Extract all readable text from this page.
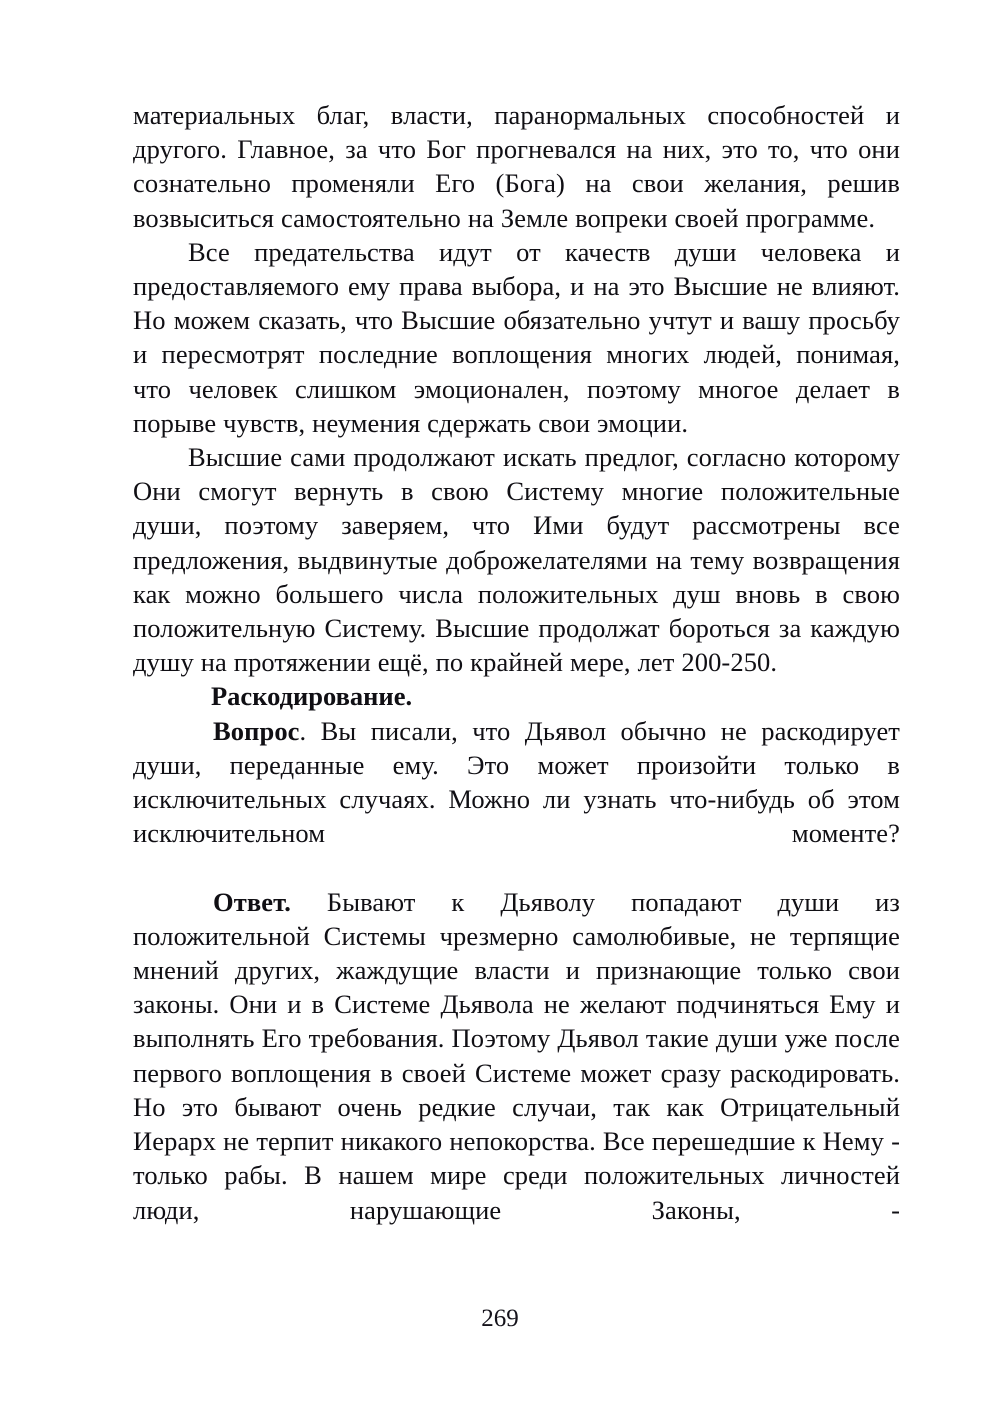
материальных благ, власти, паранормальных способностей и другого. Главное, за что Бог прогневался на них, это то, что они сознательно променяли Его (Бога) на свои желания, решив возвыситься самостоятельно на Земле вопреки своей программе.

Все предательства идут от качеств души человека и предоставляемого ему права выбора, и на это Высшие не влияют. Но можем сказать, что Высшие обязательно учтут и вашу просьбу и пересмотрят последние воплощения многих людей, понимая, что человек слишком эмоционален, поэтому многое делает в порыве чувств, неумения сдержать свои эмоции.

Высшие сами продолжают искать предлог, согласно которому Они смогут вернуть в свою Систему многие положительные души, поэтому заверяем, что Ими будут рассмотрены все предложения, выдвинутые доброжелателями на тему возвращения как можно большего числа положительных душ вновь в свою положительную Систему. Высшие продолжат бороться за каждую душу на протяжении ещё, по крайней мере, лет 200-250.

Раскодирование.

Вопрос. Вы писали, что Дьявол обычно не раскодирует души, переданные ему. Это может произойти только в исключительных случаях. Можно ли узнать что-нибудь об этом исключительном моменте?

Ответ. Бывают к Дьяволу попадают души из положительной Системы чрезмерно самолюбивые, не терпящие мнений других, жаждущие власти и признающие только свои законы. Они и в Системе Дьявола не желают подчиняться Ему и выполнять Его требования. Поэтому Дьявол такие души уже после первого воплощения в своей Системе может сразу раскодировать. Но это бывают очень редкие случаи, так как Отрицательный Иерарх не терпит никакого непокорства. Все перешедшие к Нему - только рабы. В нашем мире среди положительных личностей люди, нарушающие Законы, -

269
